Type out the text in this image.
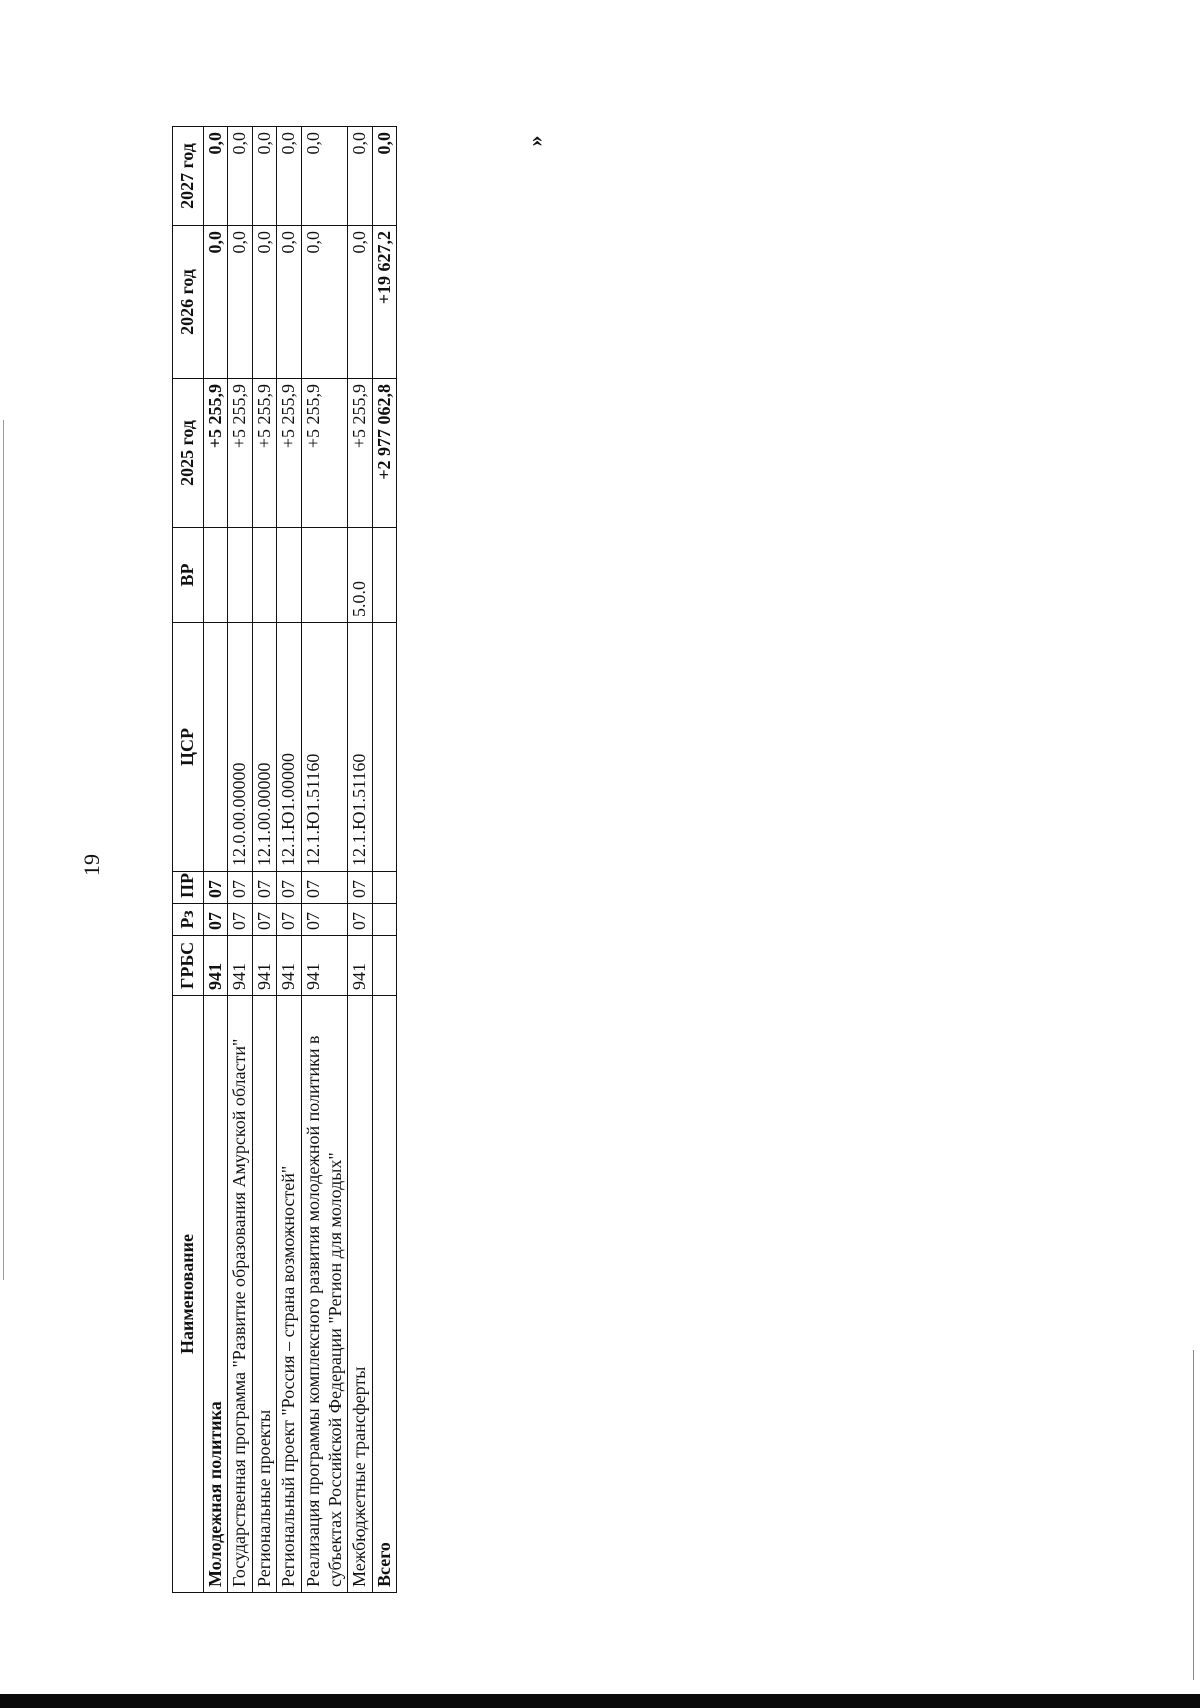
19
Наименование	ГРБС	Рз	ПР	ЦСР	ВР	2025 год	2026 год	2027 год
Молодежная политика	941	07	07			+5 255,9	0,0	0,0
Государственная программа "Развитие образования Амурской области"	941	07	07	12.0.00.00000		+5 255,9	0,0	0,0
Региональные проекты	941	07	07	12.1.00.00000		+5 255,9	0,0	0,0
Региональный проект "Россия – страна возможностей"	941	07	07	12.1.Ю1.00000		+5 255,9	0,0	0,0
Реализация программы комплексного развития молодежной политики в субъектах Российской Федерации "Регион для молодых"	941	07	07	12.1.Ю1.51160		+5 255,9	0,0	0,0
Межбюджетные трансферты	941	07	07	12.1.Ю1.51160	5.0.0	+5 255,9	0,0	0,0
Всего						+2 977 062,8	+19 627,2	0,0	»
